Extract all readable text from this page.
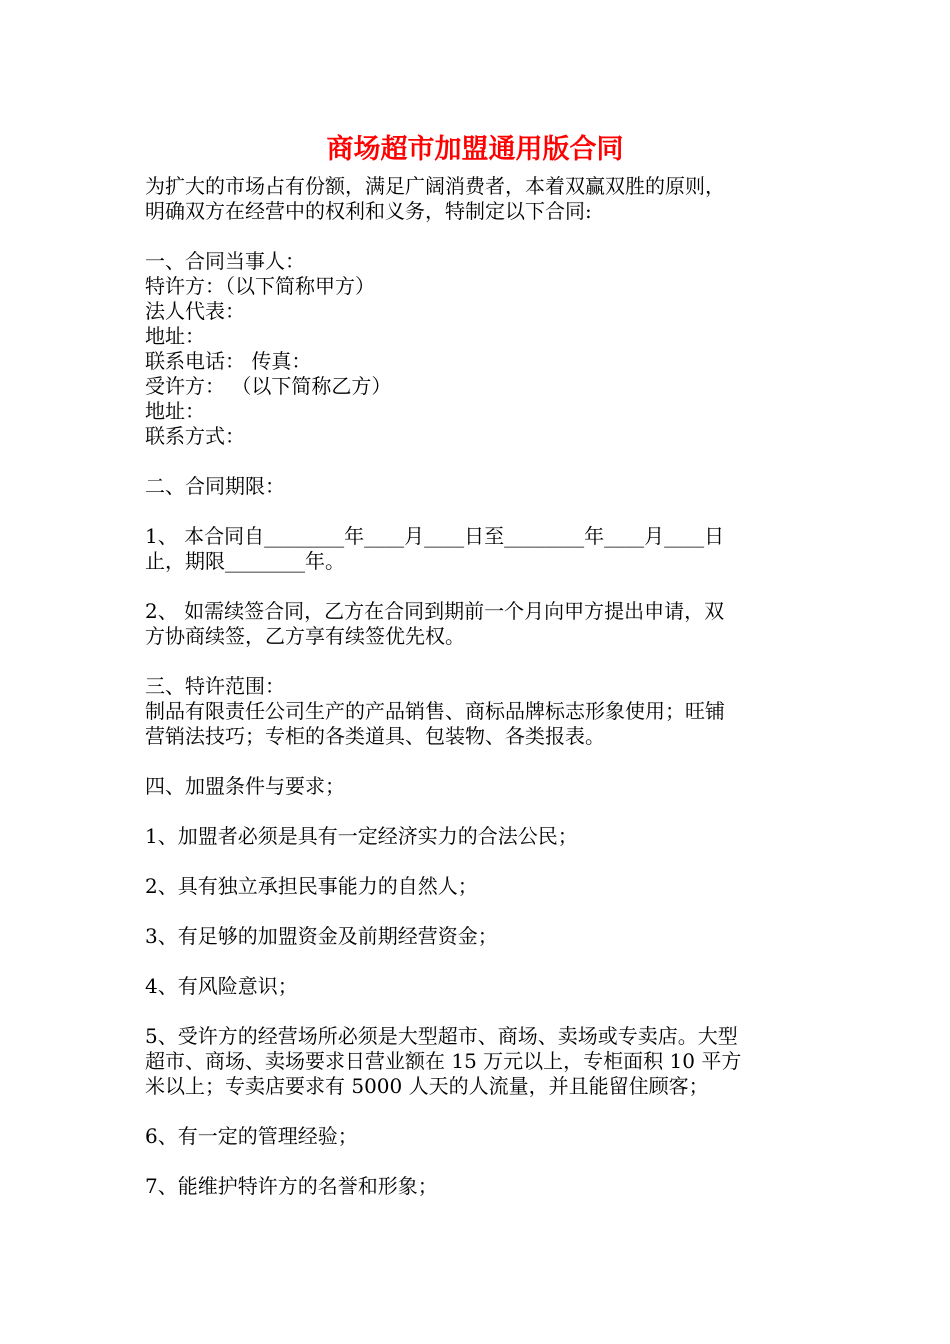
商场超市加盟通用版合同

为扩大的市场占有份额，满足广阔消费者，本着双赢双胜的原则，

明确双方在经营中的权利和义务，特制定以下合同:

一、合同当事人：

特许方：（以下简称甲方）

法人代表：

地址：

联系电话： 传真：

受许方： （以下简称乙方）

地址：

联系方式：

二、合同期限：

1、 本合同自________年____月____日至________年____月____日

止，期限________年。

2、 如需续签合同，乙方在合同到期前一个月向甲方提出申请，双

方协商续签，乙方享有续签优先权。

三、特许范围：

制品有限责任公司生产的产品销售、商标品牌标志形象使用；旺铺

营销法技巧；专柜的各类道具、包装物、各类报表。

四、加盟条件与要求；

1、加盟者必须是具有一定经济实力的合法公民；

2、具有独立承担民事能力的自然人；

3、有足够的加盟资金及前期经营资金；

4、有风险意识；

5、受许方的经营场所必须是大型超市、商场、卖场或专卖店。大型

超市、商场、卖场要求日营业额在 15 万元以上，专柜面积 10 平方

米以上；专卖店要求有 5000 人天的人流量，并且能留住顾客；

6、有一定的管理经验；

7、能维护特许方的名誉和形象；
